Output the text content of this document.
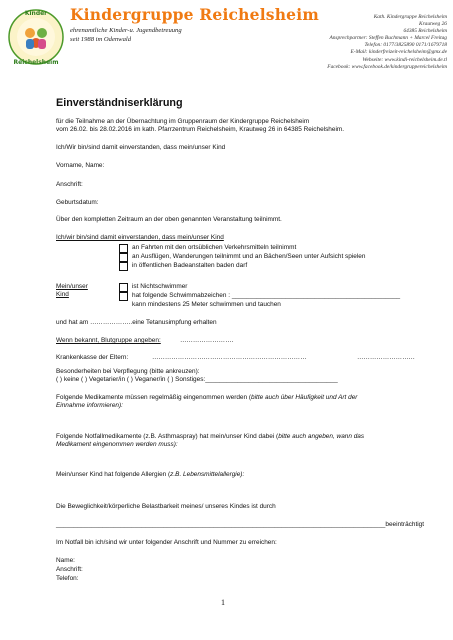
Kinder
Reichelsheim
Kindergruppe Reichelsheim
ehrenamtliche Kinder-u. Jugendbetreuung
seit 1988 im Odenwald
Kath. Kindergruppe Reichelsheim
Krautweg 26
64385 Reichelsheim
Ansprechpartner: Steffen Buchmann + Marcel Freitag
Telefon: 0177/3825890 0171/1679718
E-Mail: kinderfreizeit-reichelsheim@gmx.de
Webseite: www.kindi-reichelsheim.de.tl
Facebook: www.facebook.de/kindergruppereichelsheim
Einverständniserklärung
für die Teilnahme an der Übernachtung im Gruppenraum der Kindergruppe Reichelsheim
vom 26.02. bis 28.02.2016 im kath. Pfarrzentrum Reichelsheim, Krautweg 26 in 64385 Reichelsheim.
Ich/Wir bin/sind damit einverstanden, dass mein/unser Kind
Vorname, Name:
Anschrift:
Geburtsdatum:
Über den kompletten Zeitraum an der oben genannten Veranstaltung teilnimmt.
Ich/wir bin/sind damit einverstanden, dass mein/unser Kind
an Fahrten mit den ortsüblichen Verkehrsmitteln teilnimmt
an Ausflügen, Wanderungen teilnimmt und an Bächen/Seen unter Aufsicht spielen
in öffentlichen Badeanstalten baden darf
Mein/unser
Kind
ist Nichtschwimmer
hat folgende Schwimmabzeichen : _______________________________________________
kann mindestens 25 Meter schwimmen und tauchen
und hat am ………………..eine Tetanusimpfung erhalten
Wenn bekannt, Blutgruppe angeben:	…………………….
Krankenkasse der Eltern:	………………………………………………………………	………………………
Besonderheiten bei Verpflegung (bitte ankreuzen):
( ) keine ( ) Vegetarier/in ( ) Veganer/in ( ) Sonstiges:_____________________________________
Folgende Medikamente müssen regelmäßig eingenommen werden (bitte auch über Häufigkeit und Art der
Einnahme informieren):
Folgende Notfallmedikamente (z.B. Asthmaspray) hat mein/unser Kind dabei (bitte auch angeben, wann das
Medikament eingenommen werden muss):
Mein/unser Kind hat folgende Allergien (z.B. Lebensmittelallergie):
Die Beweglichkeit/körperliche Belastbarkeit meines/ unseres Kindes ist durch
____________________________________________________________________________________________beeinträchtigt
Im Notfall bin ich/sind wir unter folgender Anschrift und Nummer zu erreichen:
Name:
Anschrift:
Telefon:
1
